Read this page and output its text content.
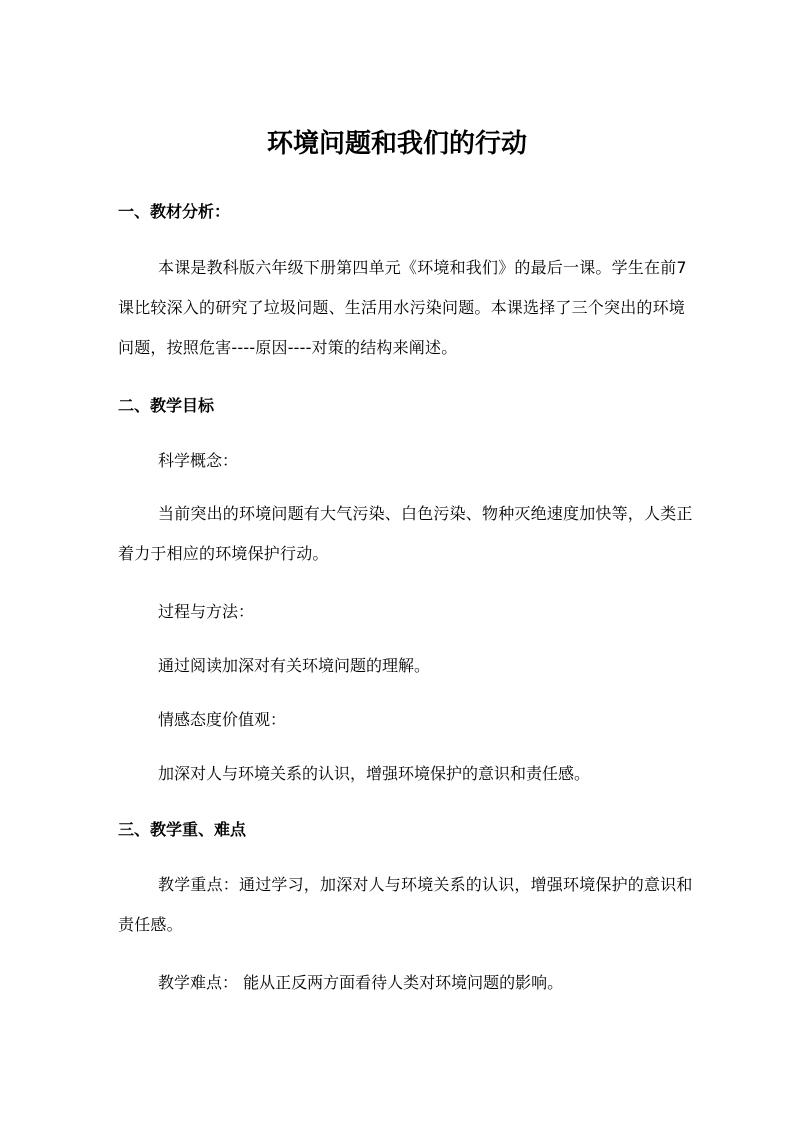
环境问题和我们的行动
一、教材分析：

本课是教科版六年级下册第四单元《环境和我们》的最后一课。学生在前7课比较深入的研究了垃圾问题、生活用水污染问题。本课选择了三个突出的环境问题，按照危害----原因----对策的结构来阐述。

二、教学目标

科学概念：

当前突出的环境问题有大气污染、白色污染、物种灭绝速度加快等，人类正着力于相应的环境保护行动。

过程与方法：

通过阅读加深对有关环境问题的理解。

情感态度价值观：

加深对人与环境关系的认识，增强环境保护的意识和责任感。

三、教学重、难点

教学重点：通过学习，加深对人与环境关系的认识，增强环境保护的意识和责任感。

教学难点： 能从正反两方面看待人类对环境问题的影响。
